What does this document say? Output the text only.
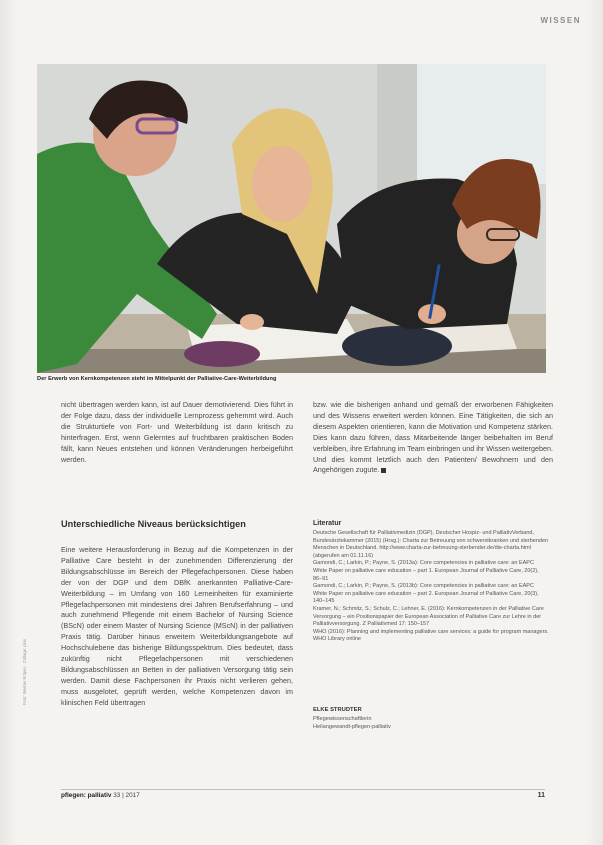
WISSEN
Der Erwerb von Kernkompetenzen steht im Mittelpunkt der Palliative-Care-Weiterbildung

nicht übertragen werden kann, ist auf Dauer demotivierend. Dies führt in der Folge dazu, dass der individuelle Lernprozess gehemmt wird. Auch die Strukturtiefe von Fort- und Weiterbildung ist dann kritisch zu hinterfragen. Erst, wenn Gelerntes auf fruchtbaren praktischen Boden fällt, kann Neues entstehen und können Veränderungen herbeigeführt werden.

bzw. wie die bisherigen anhand und gemäß der erworbenen Fähigkeiten und des Wissens erweitert werden können. Eine Tätigkeiten, die sich an diesem Aspekten orientieren, kann die Motivation und Kompetenz stärken. Dies kann dazu führen, dass Mitarbeitende länger beibehalten im Beruf verbleiben, ihre Erfahrung im Team einbringen und ihr Wissen weitergeben. Und dies kommt letztlich auch den Patienten/ Bewohnern und den Angehörigen zugute.

Unterschiedliche Niveaus berücksichtigen

Eine weitere Herausforderung in Bezug auf die Kompetenzen in der Palliative Care besteht in der zunehmenden Differenzierung der Bildungsabschlüsse im Bereich der Pflegefachpersonen. Diese haben der von der DGP und dem DBfK anerkannten Palliative-Care-Weiterbildung – im Umfang von 160 Lerneinheiten für examinierte Pflegefachpersonen mit mindestens drei Jahren Berufserfahrung – und auch zunehmend Pflegende mit einem Bachelor of Nursing Science (BScN) oder einem Master of Nursing Science (MScN) in der palliativen Praxis tätig. Darüber hinaus erweitern Weiterbildungsangebote auf Hochschulebene das bisherige Bildungsspektrum. Dies bedeutet, dass zukünftig nicht Pflegefachpersonen mit verschiedenen Bildungsabschlüssen an Betten in der palliativen Versorgung tätig sein werden. Damit diese Fachpersonen ihr Praxis nicht verlieren gehen, muss ausgelotet, geprüft werden, welche Kompetenzen davon im klinischen Feld übertragen

Literatur

Deutsche Gesellschaft für Palliativmedizin (DGP), Deutscher Hospiz- und PalliativVerband, Bundesärztekammer (2015) (Hrsg.): Charta zur Betreuung von schwerstkranken und sterbenden Menschen in Deutschland. http://www.charta-zur-betreuung-sterbender.de/die-charta.html (abgerufen am 01.11.16)

Gamondi, C.; Larkin, P.; Payne, S. (2013a): Core competencies in palliative care: an EAPC White Paper on palliative care education – part 1. European Journal of Palliative Care, 20(2), 86–91

Gamondi, C.; Larkin, P.; Payne, S. (2013b): Core competencies in palliative care: an EAPC White Paper on palliative care education – part 2. European Journal of Palliative Care, 20(3), 140–145

Kramer, N.; Schmitz, S.; Schulz, C.; Lehner, E. (2016): Kernkompetenzen in der Palliative Care Versorgung – ein Positionspapier der European Association of Palliative Care zur Lehre in der Palliativversorgung. Z Palliativmed 17: 150–157

WHO (2016): Planning and implementing palliative care services: a guide for program managers. WHO Library online

ELKE STRUDTER
Pflegewissenschaftlerin
Heilangewandt-pflegen-palliativ
Foto: Werner Krüper · Collage: plus
pflegen: palliativ 33 | 2017	11
